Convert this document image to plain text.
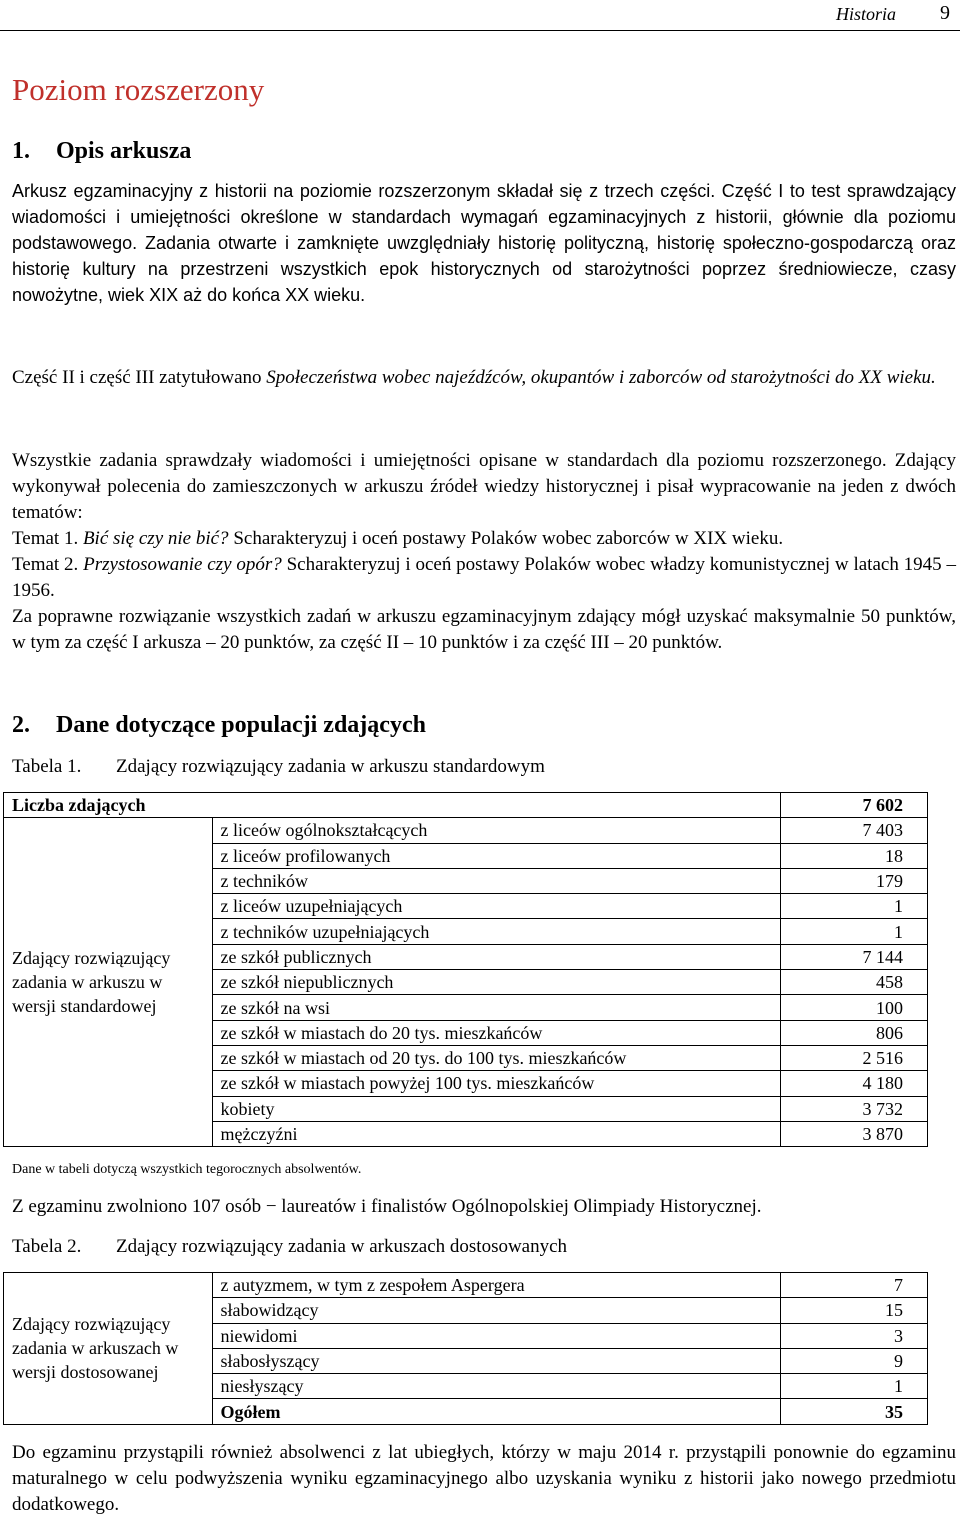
Historia 9
Poziom rozszerzony
1. Opis arkusza

Arkusz egzaminacyjny z historii na poziomie rozszerzonym składał się z trzech części. Część I to test sprawdzający wiadomości i umiejętności określone w standardach wymagań egzaminacyjnych z historii, głównie dla poziomu podstawowego. Zadania otwarte i zamknięte uwzględniały historię polityczną, historię społeczno-gospodarczą oraz historię kultury na przestrzeni wszystkich epok historycznych od starożytności poprzez średniowiecze, czasy nowożytne, wiek XIX aż do końca XX wieku.

Część II i część III zatytułowano Społeczeństwa wobec najeźdźców, okupantów i zaborców od starożytności do XX wieku.

Wszystkie zadania sprawdzały wiadomości i umiejętności opisane w standardach dla poziomu rozszerzonego. Zdający wykonywał polecenia do zamieszczonych w arkuszu źródeł wiedzy historycznej i pisał wypracowanie na jeden z dwóch tematów:
Temat 1. Bić się czy nie bić? Scharakteryzuj i oceń postawy Polaków wobec zaborców w XIX wieku.
Temat 2. Przystosowanie czy opór? Scharakteryzuj i oceń postawy Polaków wobec władzy komunistycznej w latach 1945 – 1956.
Za poprawne rozwiązanie wszystkich zadań w arkuszu egzaminacyjnym zdający mógł uzyskać maksymalnie 50 punktów, w tym za część I arkusza – 20 punktów, za część II – 10 punktów i za część III – 20 punktów.

2. Dane dotyczące populacji zdających
Tabela 1. Zdający rozwiązujący zadania w arkuszu standardowym
Liczba zdających		7 602
Zdający rozwiązujący zadania w arkuszu w wersji standardowej	z liceów ogólnokształcących	7 403
	z liceów profilowanych	18
	z techników	179
	z liceów uzupełniających	1
	z techników uzupełniających	1
	ze szkół publicznych	7 144
	ze szkół niepublicznych	458
	ze szkół na wsi	100
	ze szkół w miastach do 20 tys. mieszkańców	806
	ze szkół w miastach od 20 tys. do 100 tys. mieszkańców	2 516
	ze szkół w miastach powyżej 100 tys. mieszkańców	4 180
	kobiety	3 732
	mężczyźni	3 870
Dane w tabeli dotyczą wszystkich tegorocznych absolwentów.
Z egzaminu zwolniono 107 osób − laureatów i finalistów Ogólnopolskiej Olimpiady Historycznej.
Tabela 2. Zdający rozwiązujący zadania w arkuszach dostosowanych
Zdający rozwiązujący zadania w arkuszach w wersji dostosowanej	z autyzmem, w tym z zespołem Aspergera	7
	słabowidzący	15
	niewidomi	3
	słabosłyszący	9
	niesłyszący	1
	Ogółem	35

Do egzaminu przystąpili również absolwenci z lat ubiegłych, którzy w maju 2014 r. przystąpili ponownie do egzaminu maturalnego w celu podwyższenia wyniku egzaminacyjnego albo uzyskania wyniku z historii jako nowego przedmiotu dodatkowego.
